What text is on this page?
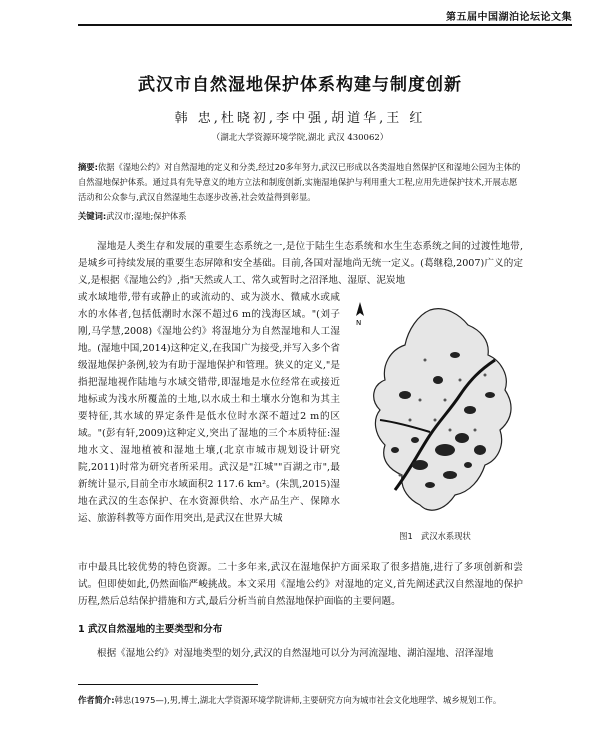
第五届中国湖泊论坛论文集
武汉市自然湿地保护体系构建与制度创新
韩 忠,杜晓初,李中强,胡道华,王 红
（湖北大学资源环境学院,湖北 武汉 430062）
摘要:依据《湿地公约》对自然湿地的定义和分类,经过20多年努力,武汉已形成以各类湿地自然保护区和湿地公园为主体的自然湿地保护体系。通过具有先导意义的地方立法和制度创新,实施湿地保护与利用重大工程,应用先进保护技术,开展志愿活动和公众参与,武汉自然湿地生态逐步改善,社会效益得到彰显。
关键词:武汉市;湿地;保护体系
湿地是人类生存和发展的重要生态系统之一,是位于陆生生态系统和水生生态系统之间的过渡性地带,是城乡可持续发展的重要生态屏障和安全基础。目前,各国对湿地尚无统一定义。(葛继稳,2007)广义的定义,是根据《湿地公约》,指"天然或人工、常久或暂时之沼泽地、湿原、泥炭地
或水域地带,带有或静止的或流动的、或为淡水、微咸水或咸水的水体者,包括低潮时水深不超过6 m的浅海区域。"(刘子刚,马学慧,2008)《湿地公约》将湿地分为自然湿地和人工湿地。(湿地中国,2014)这种定义,在我国广为接受,并写入多个省级湿地保护条例,较为有助于湿地保护和管理。狭义的定义,"是指把湿地视作陆地与水域交错带,即湿地是水位经常在或接近地标或为浅水所覆盖的土地,以水成土和土壤水分饱和为其主要特征,其水域的界定条件是低水位时水深不超过2 m的区域。"(彭有轩,2009)这种定义,突出了湿地的三个本质特征:湿地水文、湿地植被和湿地土壤,(北京市城市规划设计研究院,2011)时常为研究者所采用。武汉是"江城""百湖之市",最新统计显示,目前全市水域面积2 117.6 km²。(朱凯,2015)湿地在武汉的生态保护、在水资源供给、水产品生产、保障水运、旅游科教等方面作用突出,是武汉在世界大城
市中最具比较优势的特色资源。二十多年来,武汉在湿地保护方面采取了很多措施,进行了多项创新和尝试。但即使如此,仍然面临严峻挑战。本文采用《湿地公约》对湿地的定义,首先阐述武汉自然湿地的保护历程,然后总结保护措施和方式,最后分析当前自然湿地保护面临的主要问题。
N
图1　武汉水系现状
1 武汉自然湿地的主要类型和分布
根据《湿地公约》对湿地类型的划分,武汉的自然湿地可以分为河流湿地、湖泊湿地、沼泽湿地
作者简介:韩忠(1975—),男,博士,湖北大学资源环境学院讲师,主要研究方向为城市社会文化地理学、城乡规划工作。
